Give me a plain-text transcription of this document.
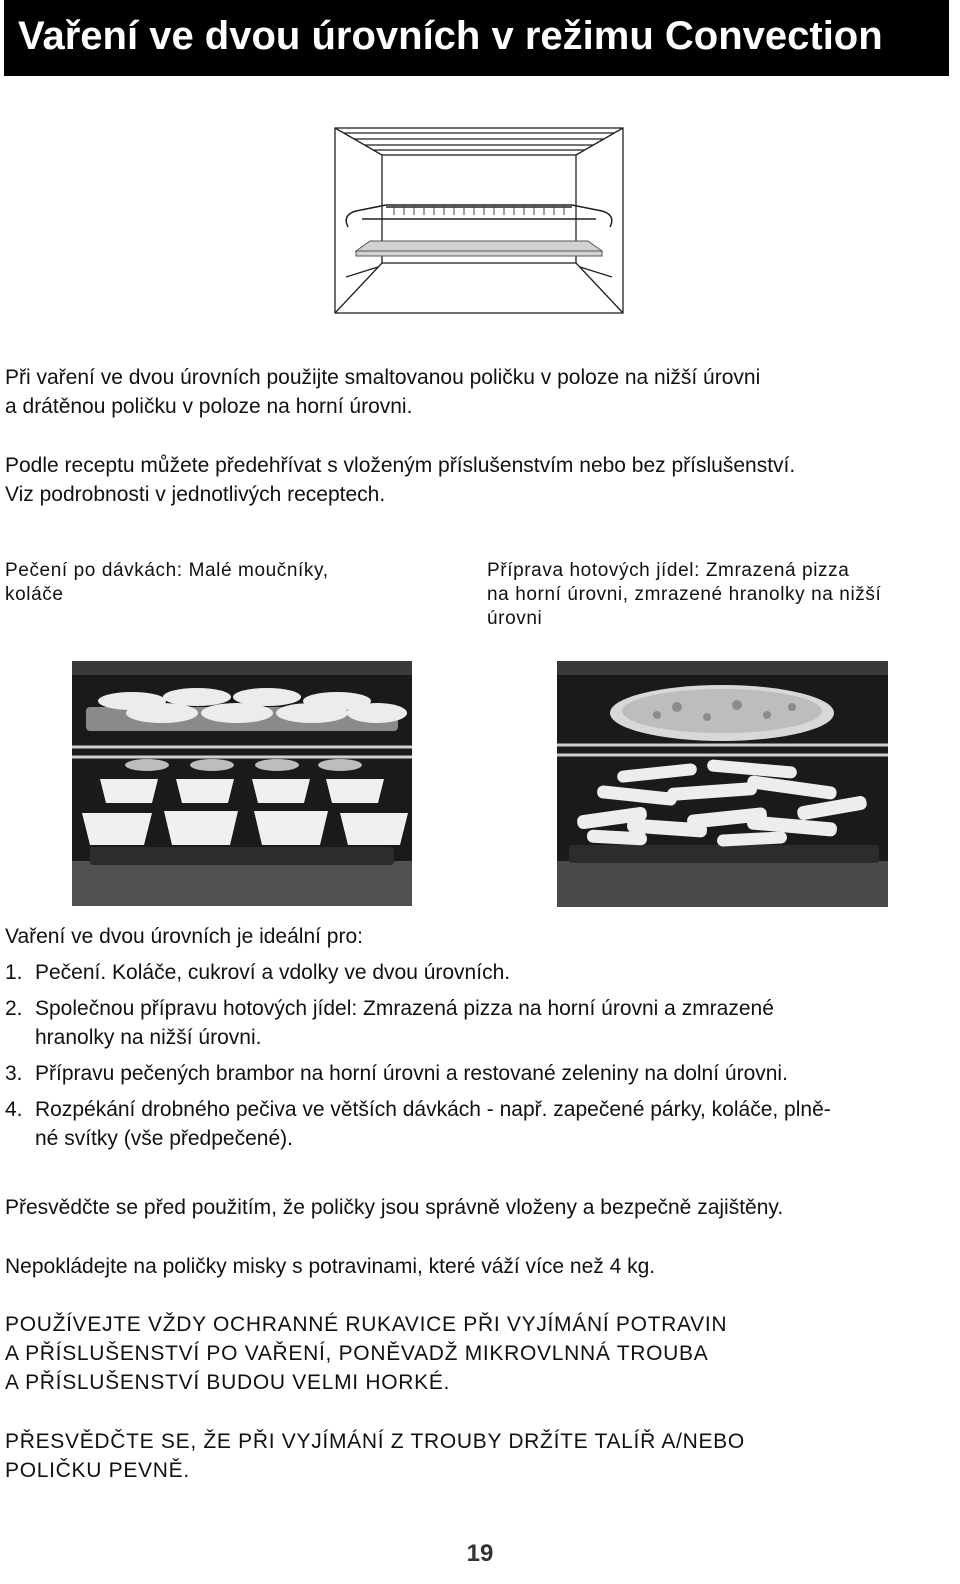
Vaření ve dvou úrovních v režimu Convection

Při vaření ve dvou úrovních použijte smaltovanou poličku v poloze na nižší úrovni
a drátěnou poličku v poloze na horní úrovni.

Podle receptu můžete předehřívat s vloženým příslušenstvím nebo bez příslušenství.
Viz podrobnosti v jednotlivých receptech.

Pečení po dávkách: Malé moučníky,
koláče

Příprava hotových jídel: Zmrazená pizza
na horní úrovni, zmrazené hranolky na nižší
úrovni

Vaření ve dvou úrovních je ideální pro:

1. Pečení. Koláče, cukroví a vdolky ve dvou úrovních.
2. Společnou přípravu hotových jídel: Zmrazená pizza na horní úrovni a zmrazené
hranolky na nižší úrovni.
3. Přípravu pečených brambor na horní úrovni a restované zeleniny na dolní úrovni.
4. Rozpékání drobného pečiva ve větších dávkách - např. zapečené párky, koláče, plně-
né svítky (vše předpečené).

Přesvědčte se před použitím, že poličky jsou správně vloženy a bezpečně zajištěny.

Nepokládejte na poličky misky s potravinami, které váží více než 4 kg.

POUŽÍVEJTE VŽDY OCHRANNÉ RUKAVICE PŘI VYJÍMÁNÍ POTRAVIN
A PŘÍSLUŠENSTVÍ PO VAŘENÍ, PONĚVADŽ MIKROVLNNÁ TROUBA
A PŘÍSLUŠENSTVÍ BUDOU VELMI HORKÉ.

PŘESVĚDČTE SE, ŽE PŘI VYJÍMÁNÍ Z TROUBY DRŽÍTE TALÍŘ A/NEBO
POLIČKU PEVNĚ.

19
